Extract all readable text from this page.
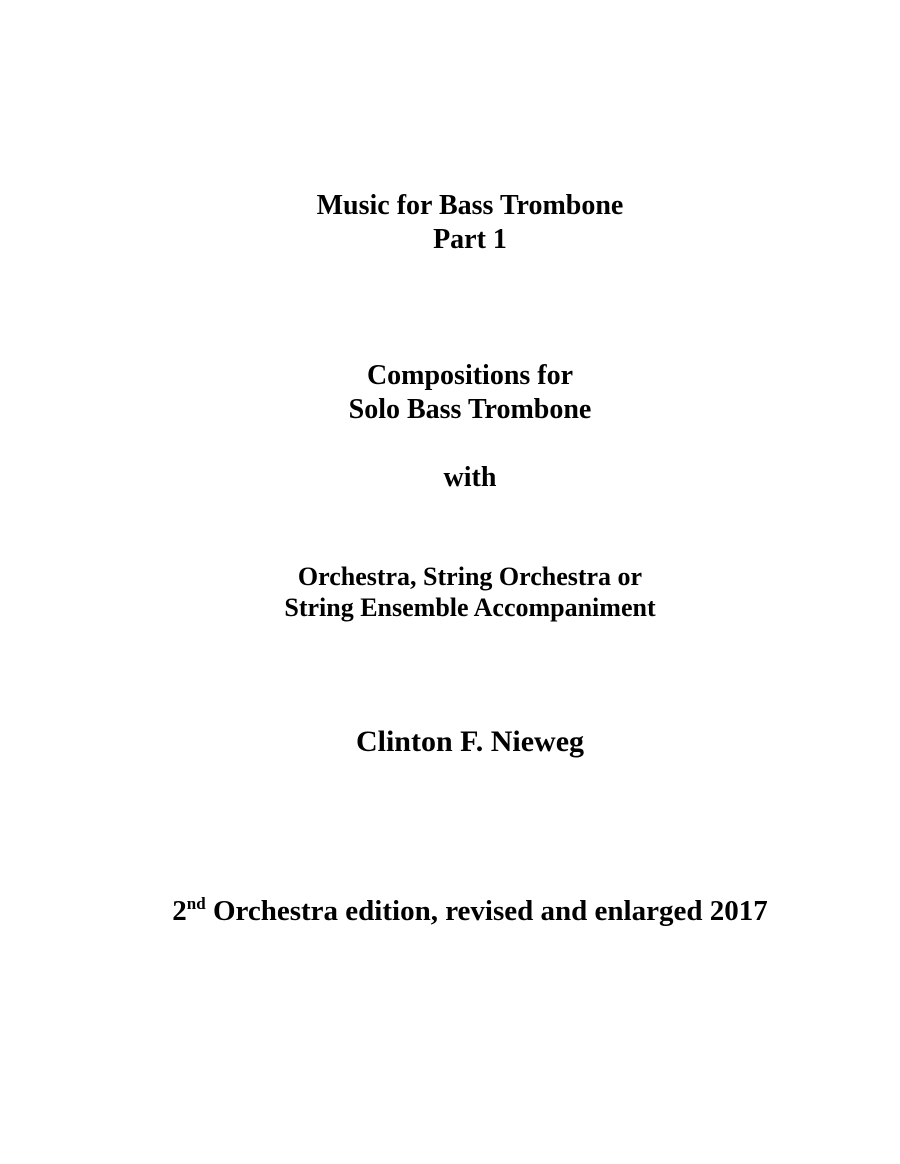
Music for Bass Trombone
Part 1
Compositions for
Solo Bass Trombone
with
Orchestra, String Orchestra or
String Ensemble Accompaniment
Clinton F. Nieweg
2nd Orchestra edition, revised and enlarged 2017
